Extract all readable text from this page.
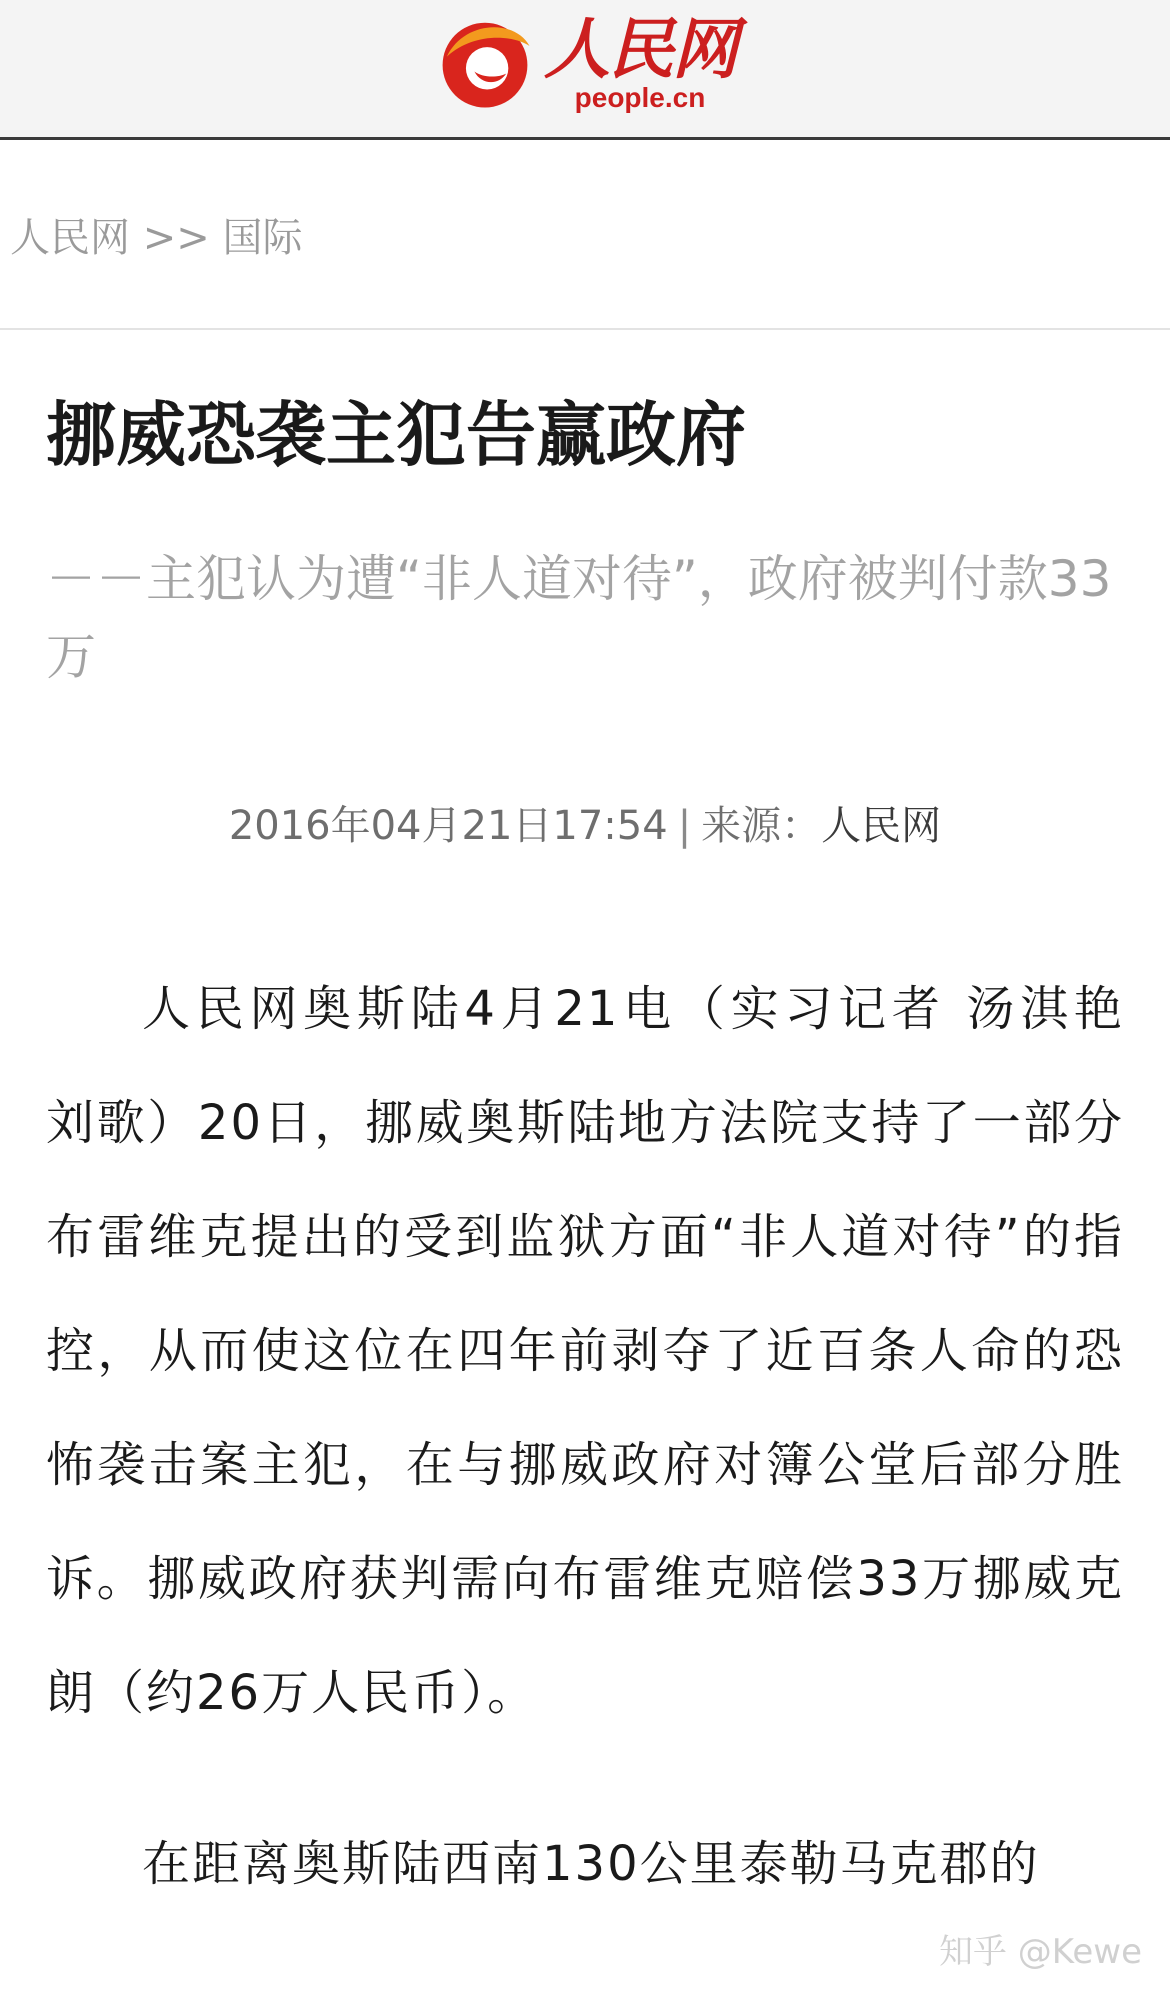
人民网
people.cn
人民网 >> 国际
挪威恐袭主犯告赢政府
－－主犯认为遭“非人道对待”，政府被判付款33万
2016年04月21日17:54 | 来源：人民网

人民网奥斯陆4月21电（实习记者 汤淇艳 刘歌）20日，挪威奥斯陆地方法院支持了一部分布雷维克提出的受到监狱方面“非人道对待”的指控，从而使这位在四年前剥夺了近百条人命的恐怖袭击案主犯，在与挪威政府对簿公堂后部分胜诉。挪威政府获判需向布雷维克赔偿33万挪威克朗（约26万人民币）。

在距离奥斯陆西南130公里泰勒马克郡的

知乎 @Kewe
